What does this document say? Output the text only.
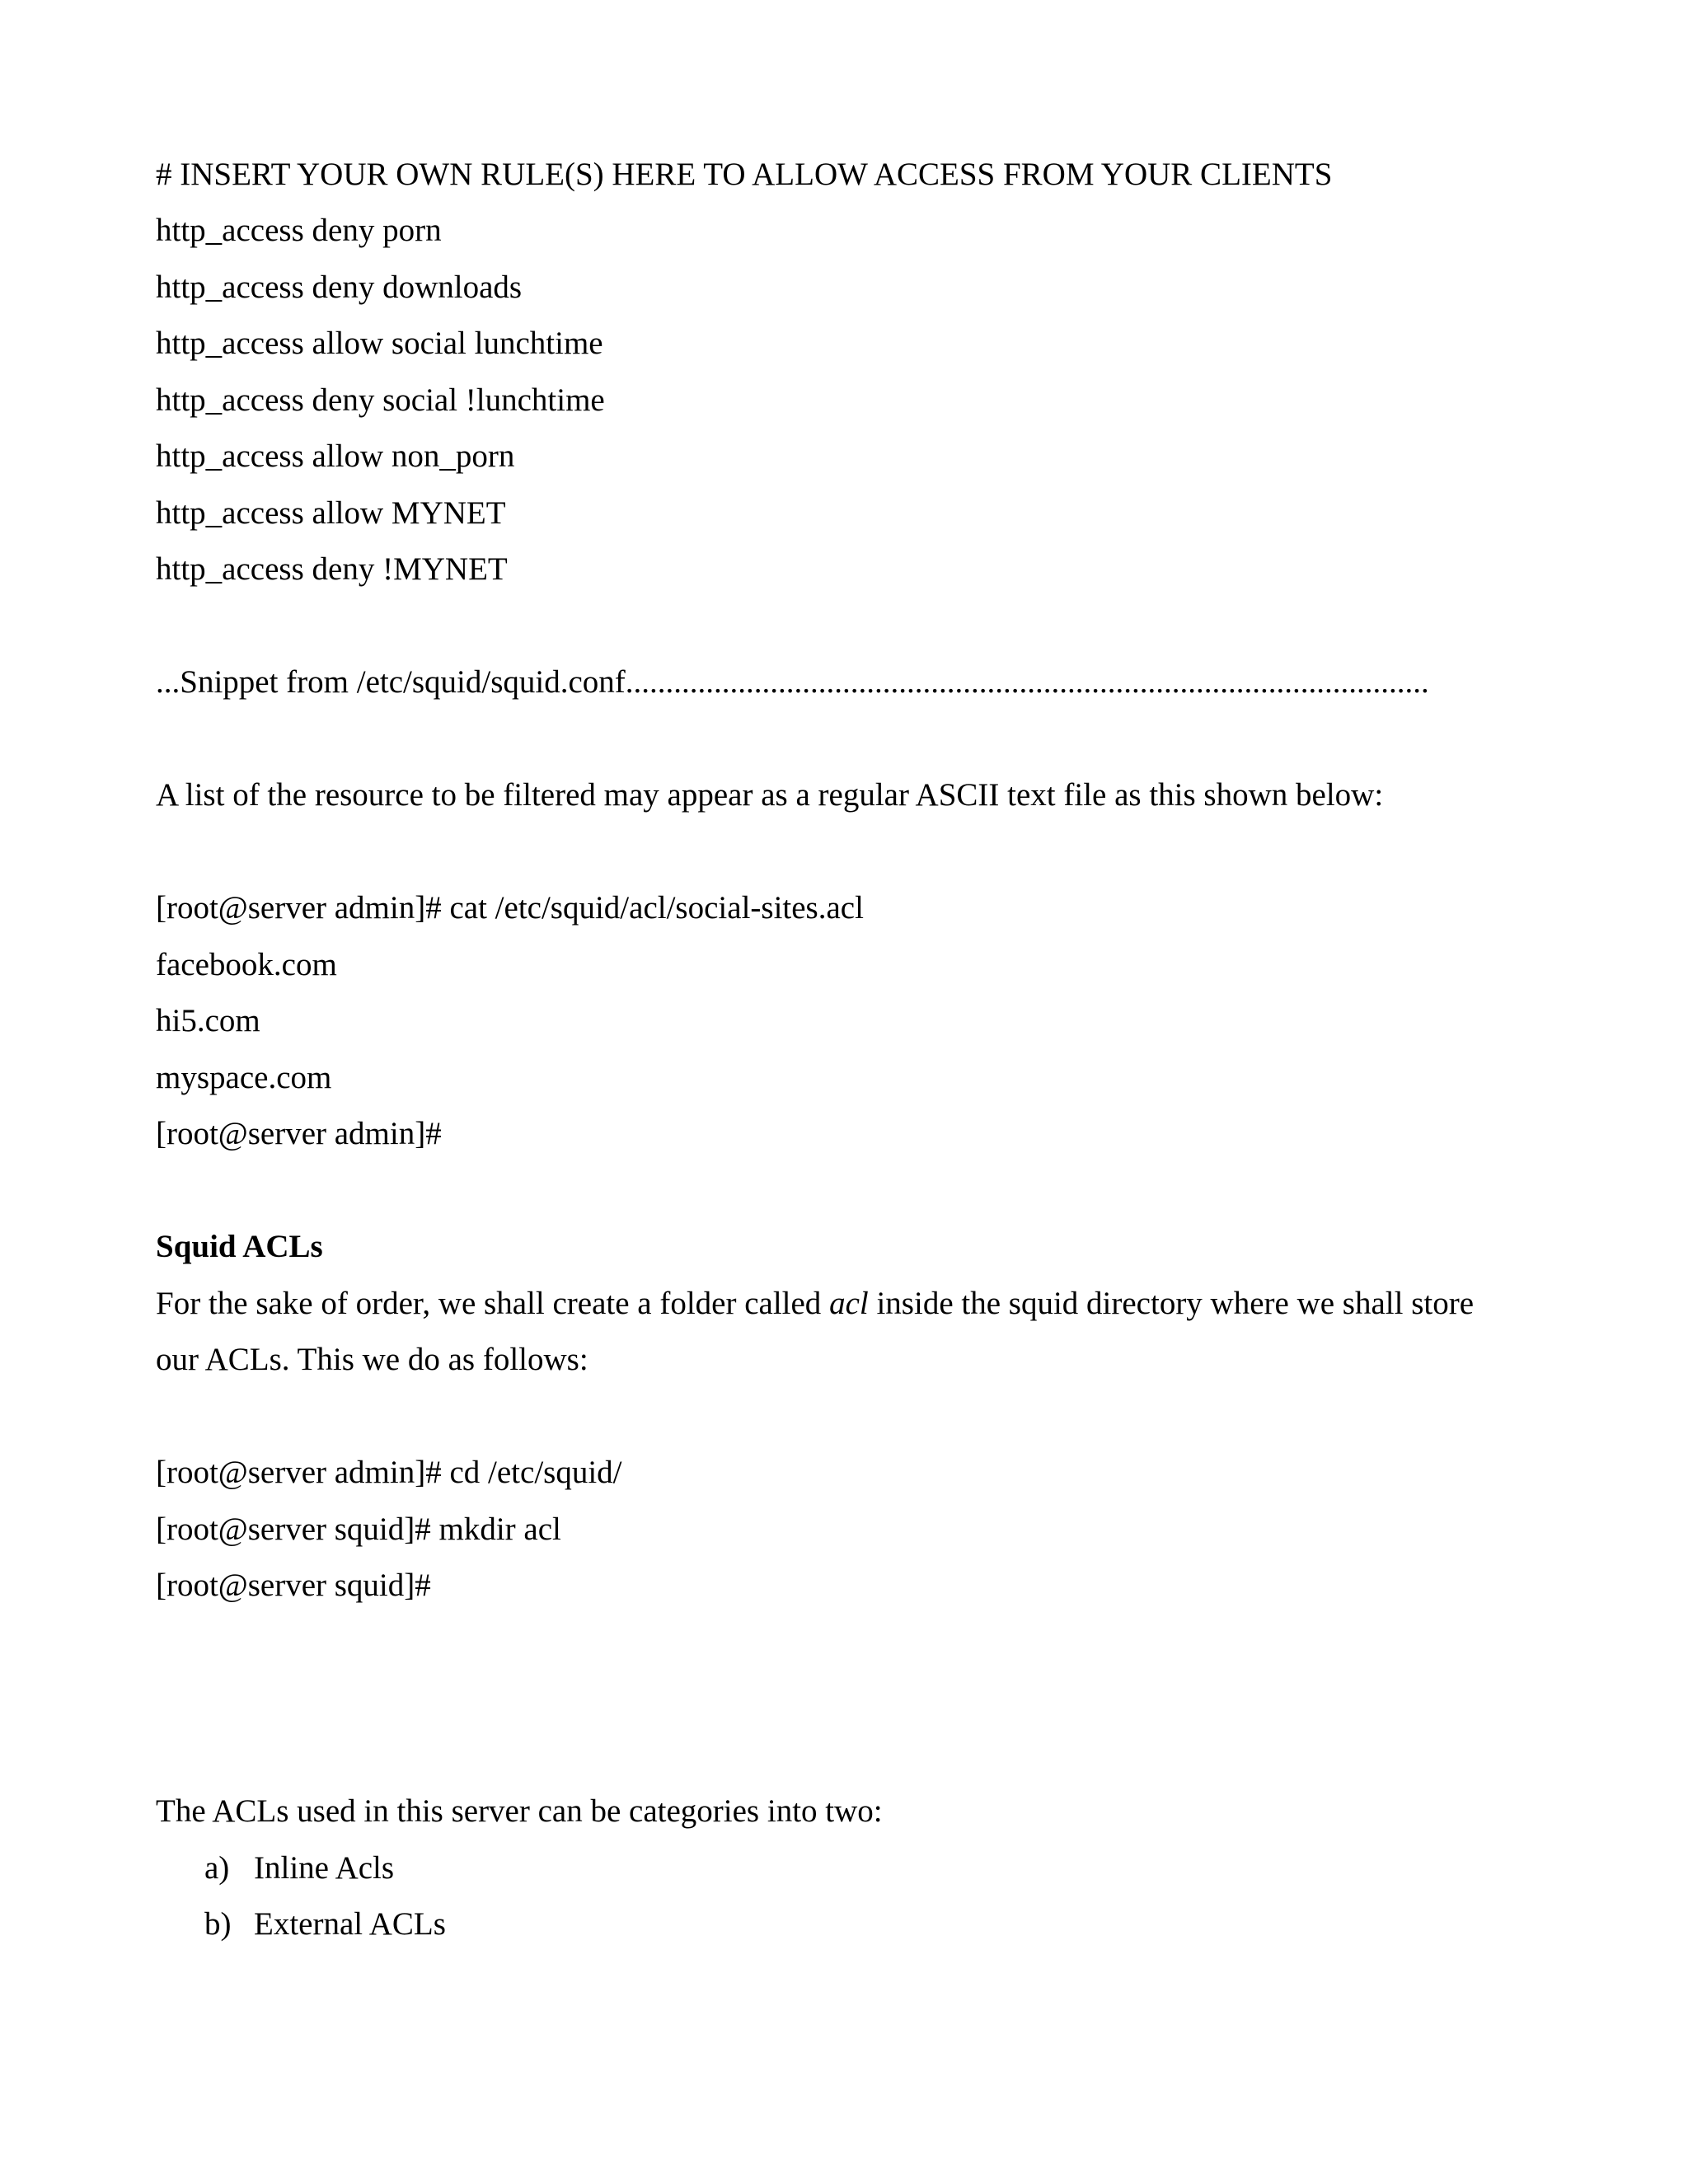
# INSERT YOUR OWN RULE(S) HERE TO ALLOW ACCESS FROM YOUR CLIENTS
http_access deny porn
http_access deny downloads
http_access allow social lunchtime
http_access deny social !lunchtime
http_access allow non_porn
http_access allow MYNET
http_access deny !MYNET
...Snippet from /etc/squid/squid.conf....................................................................................................
A list of the resource to be filtered may appear as a regular ASCII text file as this shown below:
[root@server admin]# cat /etc/squid/acl/social-sites.acl
facebook.com
hi5.com
myspace.com
[root@server admin]#
Squid ACLs
For the sake of order, we shall create a folder called acl inside the squid directory where we shall store
our ACLs. This we do as follows:
[root@server admin]# cd /etc/squid/
[root@server squid]# mkdir acl
[root@server squid]#
The ACLs used in this server can be categories into two:
a) Inline Acls
b) External ACLs
